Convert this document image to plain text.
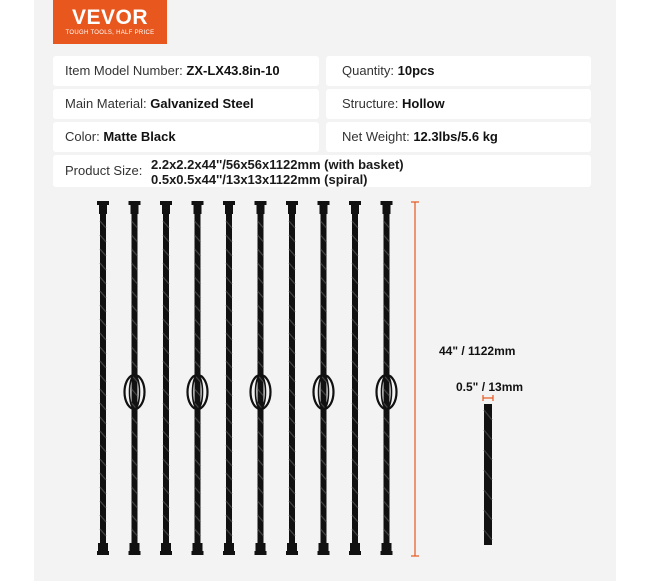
VEVOR
TOUGH TOOLS, HALF PRICE
Item Model Number: ZX-LX43.8in-10	Quantity: 10pcs
Main Material: Galvanized Steel	Structure: Hollow
Color: Matte Black	Net Weight: 12.3lbs/5.6 kg
Product Size: 2.2x2.2x44''/56x56x1122mm (with basket)
0.5x0.5x44''/13x13x1122mm (spiral)
44" / 1122mm
0.5" / 13mm
